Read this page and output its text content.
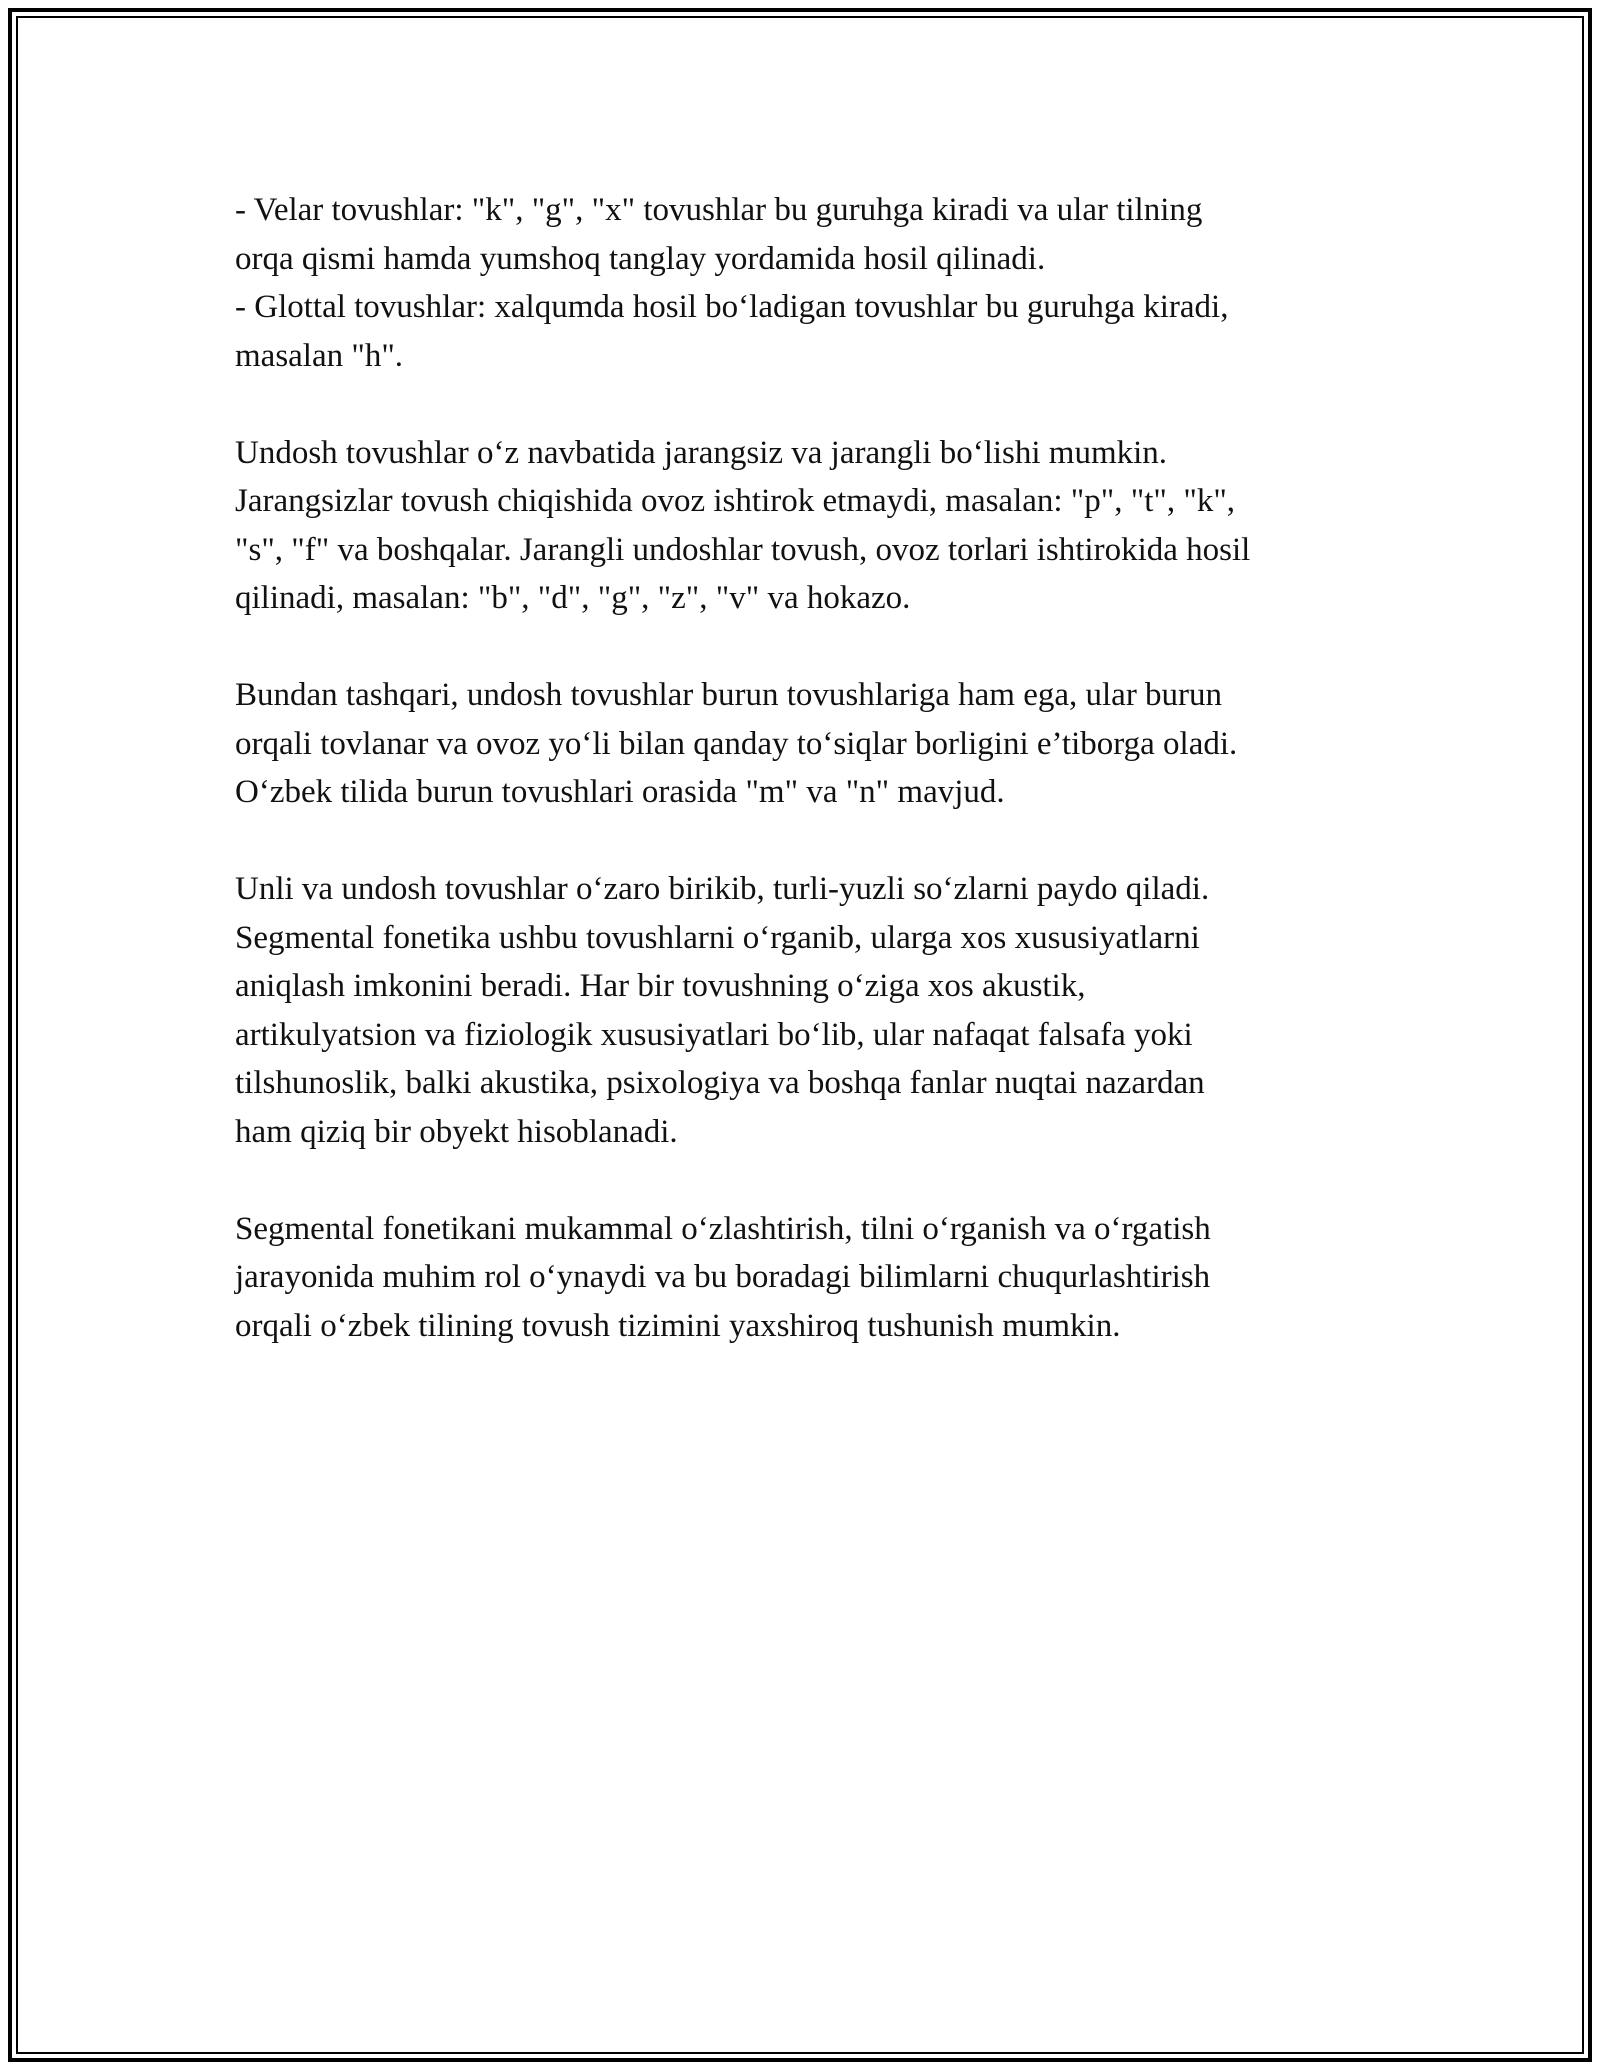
- Velar tovushlar: "k", "g", "x" tovushlar bu guruhga kiradi va ular tilning

orqa qismi hamda yumshoq tanglay yordamida hosil qilinadi.

- Glottal tovushlar: xalqumda hosil bo‘ladigan tovushlar bu guruhga kiradi,

masalan "h".

Undosh tovushlar o‘z navbatida jarangsiz va jarangli bo‘lishi mumkin.

Jarangsizlar tovush chiqishida ovoz ishtirok etmaydi, masalan: "p", "t", "k",

"s", "f" va boshqalar. Jarangli undoshlar tovush, ovoz torlari ishtirokida hosil

qilinadi, masalan: "b", "d", "g", "z", "v" va hokazo.

Bundan tashqari, undosh tovushlar burun tovushlariga ham ega, ular burun

orqali tovlanar va ovoz yo‘li bilan qanday to‘siqlar borligini e’tiborga oladi.

O‘zbek tilida burun tovushlari orasida "m" va "n" mavjud.

Unli va undosh tovushlar o‘zaro birikib, turli-yuzli so‘zlarni paydo qiladi.

Segmental fonetika ushbu tovushlarni o‘rganib, ularga xos xususiyatlarni

aniqlash imkonini beradi. Har bir tovushning o‘ziga xos akustik,

artikulyatsion va fiziologik xususiyatlari bo‘lib, ular nafaqat falsafa yoki

tilshunoslik, balki akustika, psixologiya va boshqa fanlar nuqtai nazardan

ham qiziq bir obyekt hisoblanadi.

Segmental fonetikani mukammal o‘zlashtirish, tilni o‘rganish va o‘rgatish

jarayonida muhim rol o‘ynaydi va bu boradagi bilimlarni chuqurlashtirish

orqali o‘zbek tilining tovush tizimini yaxshiroq tushunish mumkin.
